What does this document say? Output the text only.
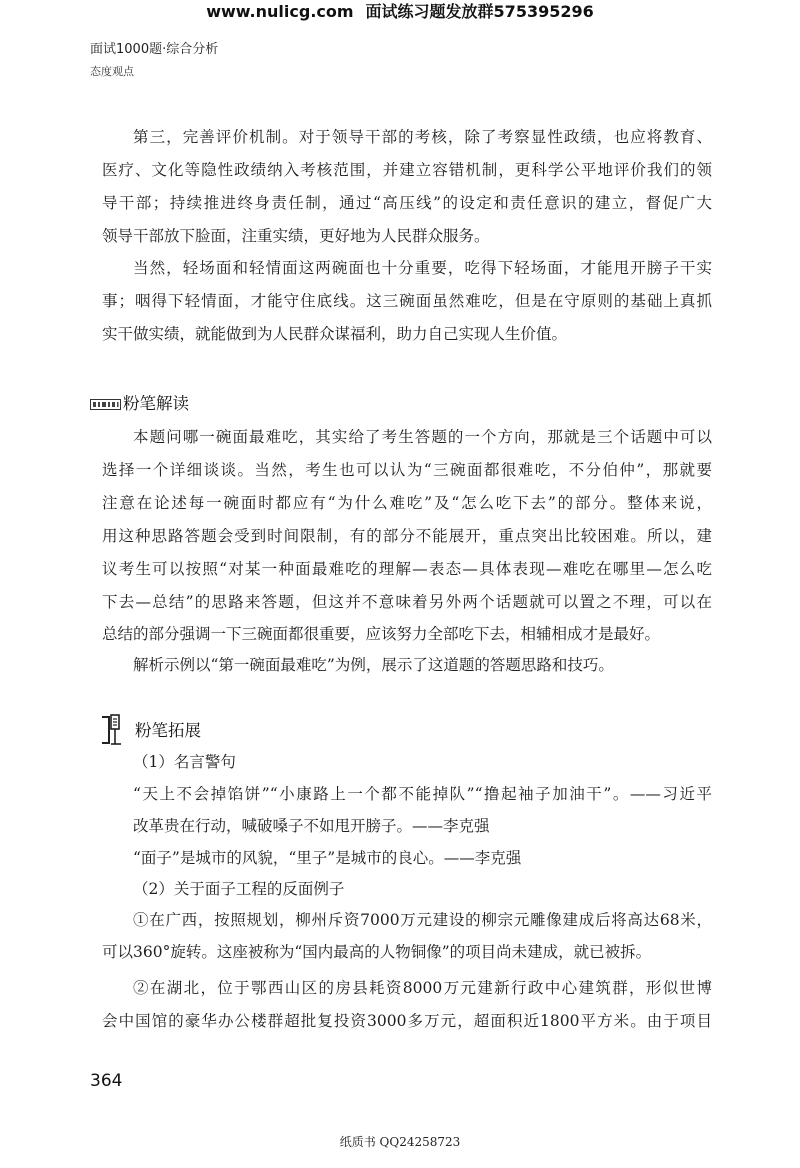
www.nulicg.com 面试练习题发放群575395296
面试1000题·综合分析
态度观点
第三，完善评价机制。对于领导干部的考核，除了考察显性政绩，也应将教育、
医疗、文化等隐性政绩纳入考核范围，并建立容错机制，更科学公平地评价我们的领
导干部；持续推进终身责任制，通过“高压线”的设定和责任意识的建立，督促广大
领导干部放下脸面，注重实绩，更好地为人民群众服务。
当然，轻场面和轻情面这两碗面也十分重要，吃得下轻场面，才能甩开膀子干实
事；咽得下轻情面，才能守住底线。这三碗面虽然难吃，但是在守原则的基础上真抓
实干做实绩，就能做到为人民群众谋福利，助力自己实现人生价值。
粉笔解读
本题问哪一碗面最难吃，其实给了考生答题的一个方向，那就是三个话题中可以
选择一个详细谈谈。当然，考生也可以认为“三碗面都很难吃，不分伯仲”，那就要
注意在论述每一碗面时都应有“为什么难吃”及“怎么吃下去”的部分。整体来说，
用这种思路答题会受到时间限制，有的部分不能展开，重点突出比较困难。所以，建
议考生可以按照“对某一种面最难吃的理解—表态—具体表现—难吃在哪里—怎么吃
下去—总结”的思路来答题，但这并不意味着另外两个话题就可以置之不理，可以在
总结的部分强调一下三碗面都很重要，应该努力全部吃下去，相辅相成才是最好。
解析示例以“第一碗面最难吃”为例，展示了这道题的答题思路和技巧。
粉笔拓展
（1）名言警句
“天上不会掉馅饼”“小康路上一个都不能掉队”“撸起袖子加油干”。——习近平
改革贵在行动，喊破嗓子不如甩开膀子。——李克强
“面子”是城市的风貌，“里子”是城市的良心。——李克强
（2）关于面子工程的反面例子
①在广西，按照规划，柳州斥资7000万元建设的柳宗元雕像建成后将高达68米，
可以360°旋转。这座被称为“国内最高的人物铜像”的项目尚未建成，就已被拆。
②在湖北，位于鄂西山区的房县耗资8000万元建新行政中心建筑群，形似世博
会中国馆的豪华办公楼群超批复投资3000多万元，超面积近1800平方米。由于项目
364
纸质书 QQ24258723
